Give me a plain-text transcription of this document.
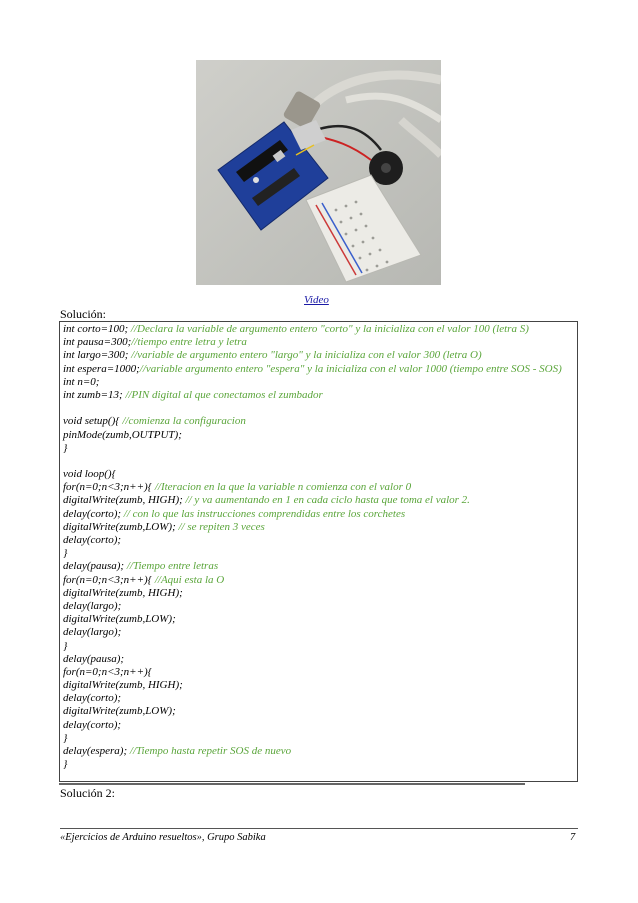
Video
Solución:
int corto=100; //Declara la variable de argumento entero "corto" y la inicializa con el valor 100 (letra S)
int pausa=300;//tiempo entre letra y letra
int largo=300; //variable de argumento entero "largo" y la inicializa con el valor 300 (letra O)
int espera=1000;//variable argumento entero "espera" y la inicializa con el valor 1000 (tiempo entre SOS - SOS)
int n=0;
int zumb=13; //PIN digital al que conectamos el zumbador
void setup(){ //comienza la configuracion
pinMode(zumb,OUTPUT);
}
void loop(){
for(n=0;n<3;n++){ //Iteracion en la que la variable n comienza con el valor 0
digitalWrite(zumb, HIGH); // y va aumentando en 1 en cada ciclo hasta que toma el valor 2.
delay(corto); // con lo que las instrucciones comprendidas entre los corchetes
digitalWrite(zumb,LOW); // se repiten 3 veces
delay(corto);
}
delay(pausa); //Tiempo entre letras
for(n=0;n<3;n++){ //Aqui esta la O
digitalWrite(zumb, HIGH);
delay(largo);
digitalWrite(zumb,LOW);
delay(largo);
}
delay(pausa);
for(n=0;n<3;n++){
digitalWrite(zumb, HIGH);
delay(corto);
digitalWrite(zumb,LOW);
delay(corto);
}
delay(espera); //Tiempo hasta repetir SOS de nuevo
}
Solución 2:
«Ejercicios de Arduino resueltos», Grupo Sabika	7
